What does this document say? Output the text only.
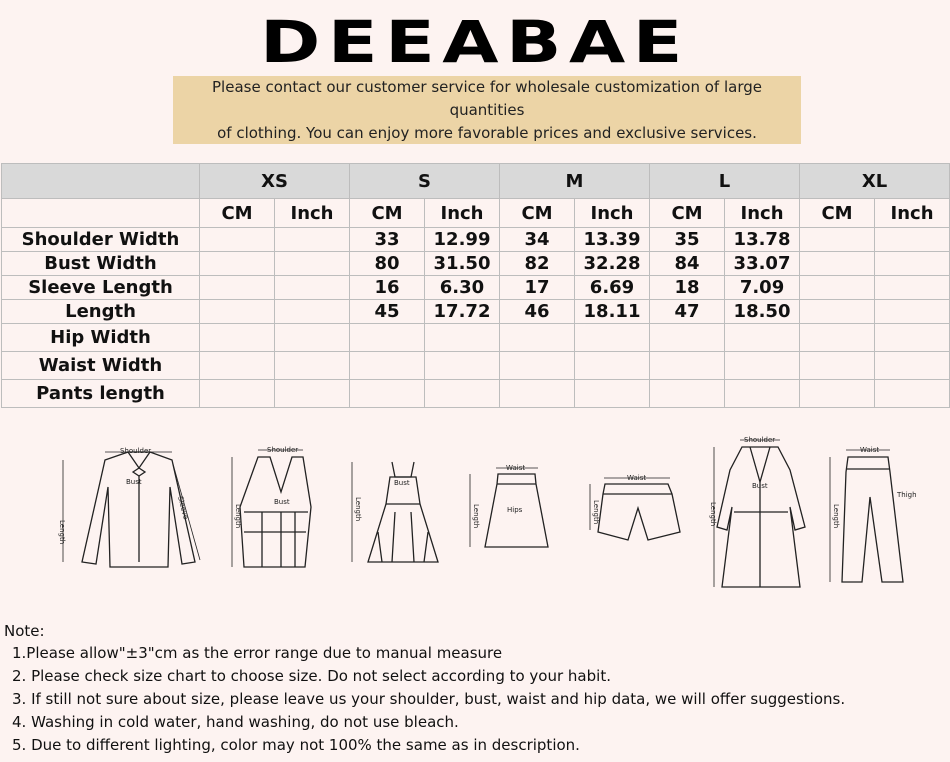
DEEABAE
Please contact our customer service for wholesale customization of large quantities
of clothing. You can enjoy more favorable prices and exclusive services.
	XS		S		M		L		XL	
	CM	Inch	CM	Inch	CM	Inch	CM	Inch	CM	Inch
Shoulder Width			33	12.99	34	13.39	35	13.78		
Bust Width			80	31.50	82	32.28	84	33.07		
Sleeve Length			16	6.30	17	6.69	18	7.09		
Length			45	17.72	46	18.11	47	18.50		
Hip Width										
Waist Width										
Pants length										
Shoulder
Bust
Length
Sleeve
Shoulder
Bust
Length
Bust
Length
Waist
Hips
Length
Waist
Length
Shoulder
Bust
Length
Waist
Thigh
Length
Note:
1.Please allow"±3"cm as the error range due to manual measure
2. Please check size chart to choose size. Do not select according to your habit.
3. If still not sure about size, please leave us your shoulder, bust, waist and hip data, we will offer suggestions.
4. Washing in cold water, hand washing, do not use bleach.
5. Due to different lighting, color may not 100% the same as in description.
